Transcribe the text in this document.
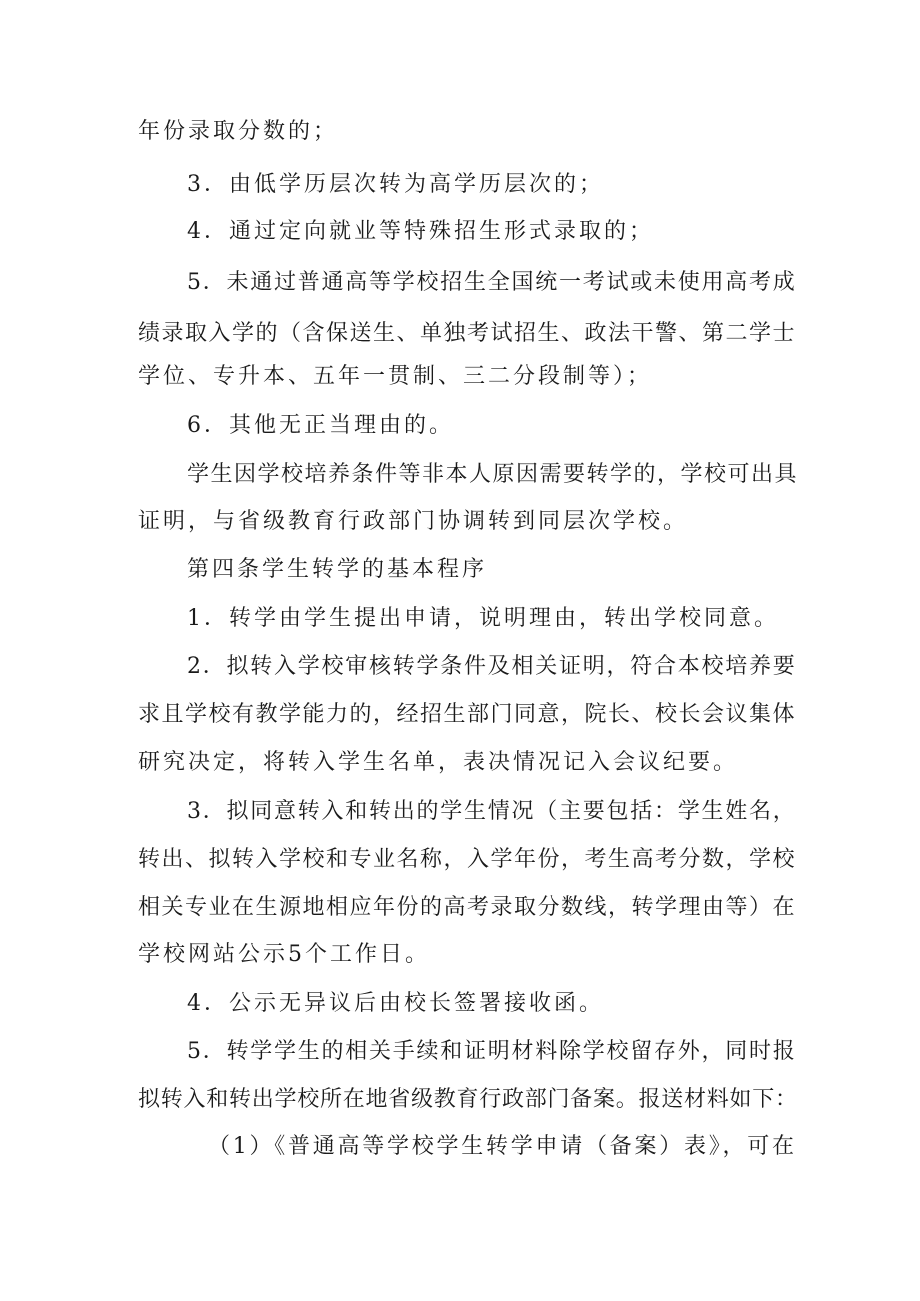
年份录取分数的；
3．由低学历层次转为高学历层次的；
4．通过定向就业等特殊招生形式录取的；
5．未通过普通高等学校招生全国统一考试或未使用高考成
绩录取入学的（含保送生、单独考试招生、政法干警、第二学士
学位、专升本、五年一贯制、三二分段制等）；
6．其他无正当理由的。
学生因学校培养条件等非本人原因需要转学的，学校可出具
证明，与省级教育行政部门协调转到同层次学校。
第四条学生转学的基本程序
1．转学由学生提出申请，说明理由，转出学校同意。
2．拟转入学校审核转学条件及相关证明，符合本校培养要
求且学校有教学能力的，经招生部门同意，院长、校长会议集体
研究决定，将转入学生名单，表决情况记入会议纪要。
3．拟同意转入和转出的学生情况（主要包括：学生姓名，
转出、拟转入学校和专业名称，入学年份，考生高考分数，学校
相关专业在生源地相应年份的高考录取分数线，转学理由等）在
学校网站公示5个工作日。
4．公示无异议后由校长签署接收函。
5．转学学生的相关手续和证明材料除学校留存外，同时报
拟转入和转出学校所在地省级教育行政部门备案。报送材料如下：
（1）《普通高等学校学生转学申请（备案）表》，可在
